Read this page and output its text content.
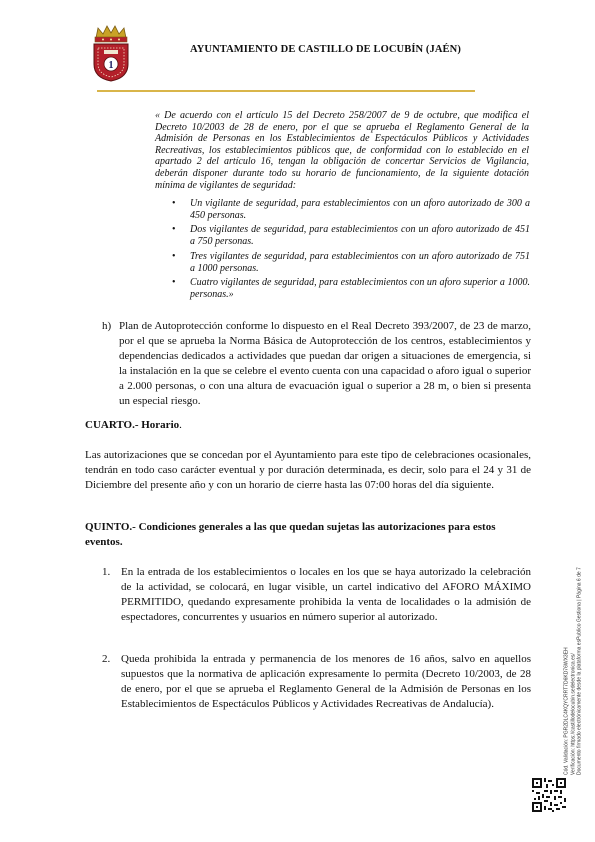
1
AYUNTAMIENTO DE CASTILLO DE LOCUBÍN (JAÉN)
« De acuerdo con el artículo 15 del Decreto 258/2007 de 9 de octubre, que modifica el Decreto 10/2003 de 28 de enero, por el que se aprueba el Reglamento General de la Admisión de Personas en los Establecimientos de Espectáculos Públicos y Actividades Recreativas, los establecimientos públicos que, de conformidad con lo establecido en el apartado 2 del artículo 16, tengan la obligación de concertar Servicios de Vigilancia, deberán disponer durante todo su horario de funcionamiento, de la siguiente dotación mínima de vigilantes de seguridad:
• Un vigilante de seguridad, para establecimientos con un aforo autorizado de 300 a 450 personas.
• Dos vigilantes de seguridad, para establecimientos con un aforo autorizado de 451 a 750 personas.
• Tres vigilantes de seguridad, para establecimientos con un aforo autorizado de 751 a 1000 personas.
• Cuatro vigilantes de seguridad, para establecimientos con un aforo superior a 1000. personas.»
h) Plan de Autoprotección conforme lo dispuesto en el Real Decreto 393/2007, de 23 de marzo, por el que se aprueba la Norma Básica de Autoprotección de los centros, establecimientos y dependencias dedicados a actividades que puedan dar origen a situaciones de emergencia, si la instalación en la que se celebre el evento cuenta con una capacidad o aforo igual o superior a 2.000 personas, o con una altura de evacuación igual o superior a 28 m, o bien si presenta un especial riesgo.
CUARTO.- Horario.
Las autorizaciones que se concedan por el Ayuntamiento para este tipo de celebraciones ocasionales, tendrán en todo caso carácter eventual y por duración determinada, es decir, solo para el 24 y 31 de Diciembre del presente año y con un horario de cierre hasta las 07:00 horas del día siguiente.
QUINTO.- Condiciones generales a las que quedan sujetas las autorizaciones para estos eventos.
1. En la entrada de los establecimientos o locales en los que se haya autorizado la celebración de la actividad, se colocará, en lugar visible, un cartel indicativo del AFORO MÁXIMO PERMITIDO, quedando expresamente prohibida la venta de localidades o la admisión de espectadores, concurrentes y usuarios en número superior al autorizado.
2. Queda prohibida la entrada y permanencia de los menores de 16 años, salvo en aquellos supuestos que la normativa de aplicación expresamente lo permita (Decreto 10/2003, de 28 de enero, por el que se aprueba el Reglamento General de la Admisión de Personas en los Establecimientos de Espectáculos Públicos y Actividades Recreativas de Andalucía).	Cód. Validación: PGR2DLC4KQYCRRT7D6KD76WX3EH Verificación: https://castillodelocubin.sedelectronica.es/ Documento firmado electrónicamente desde la plataforma esPublico Gestiona | Página 6 de 7
